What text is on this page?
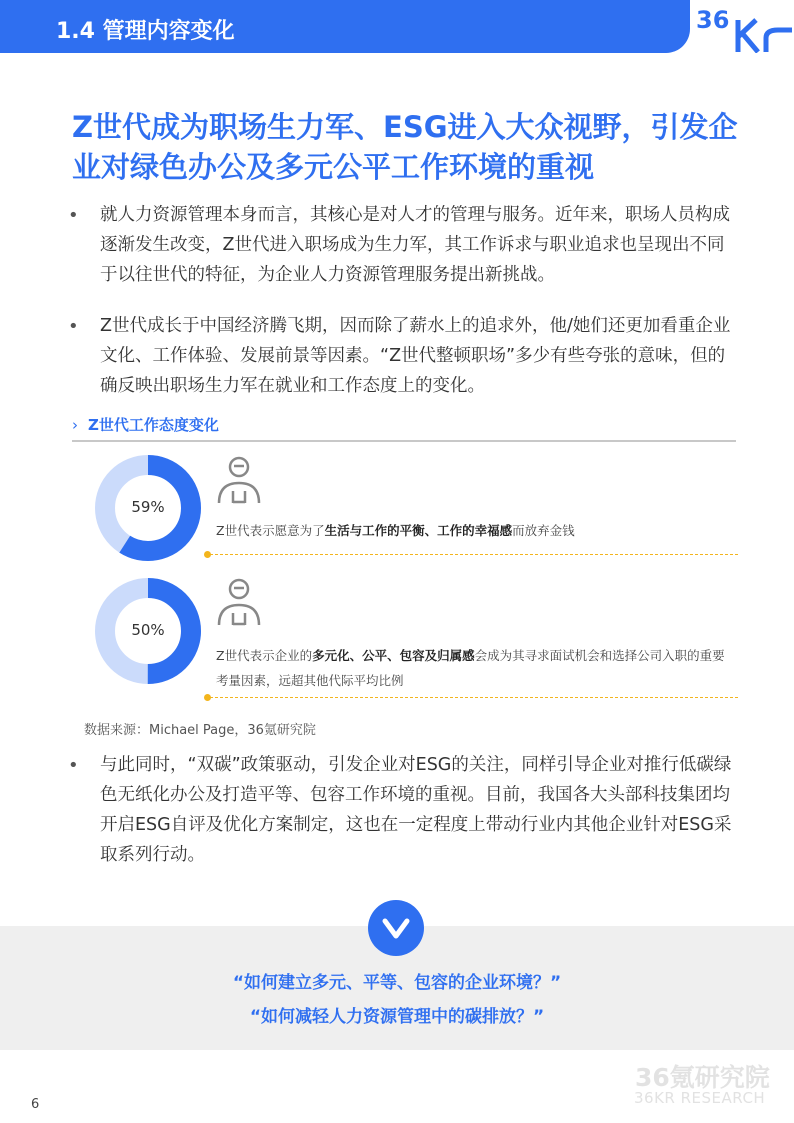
1.4 管理内容变化	36
Z世代成为职场生力军、ESG进入大众视野，引发企业对绿色办公及多元公平工作环境的重视
• 就人力资源管理本身而言，其核心是对人才的管理与服务。近年来，职场人员构成逐渐发生改变，Z世代进入职场成为生力军，其工作诉求与职业追求也呈现出不同于以往世代的特征，为企业人力资源管理服务提出新挑战。

• Z世代成长于中国经济腾飞期，因而除了薪水上的追求外，他/她们还更加看重企业文化、工作体验、发展前景等因素。“Z世代整顿职场”多少有些夸张的意味，但的确反映出职场生力军在就业和工作态度上的变化。

› Z世代工作态度变化
59%
Z世代表示愿意为了生活与工作的平衡、工作的幸福感而放弃金钱
50%
Z世代表示企业的多元化、公平、包容及归属感会成为其寻求面试机会和选择公司入职的重要考量因素，远超其他代际平均比例
数据来源：Michael Page，36氪研究院
• 与此同时，“双碳”政策驱动，引发企业对ESG的关注，同样引导企业对推行低碳绿色无纸化办公及打造平等、包容工作环境的重视。目前，我国各大头部科技集团均开启ESG自评及优化方案制定，这也在一定程度上带动行业内其他企业针对ESG采取系列行动。

“如何建立多元、平等、包容的企业环境？”
“如何减轻人力资源管理中的碳排放？”
36氪研究院
36KR RESEARCH
6
